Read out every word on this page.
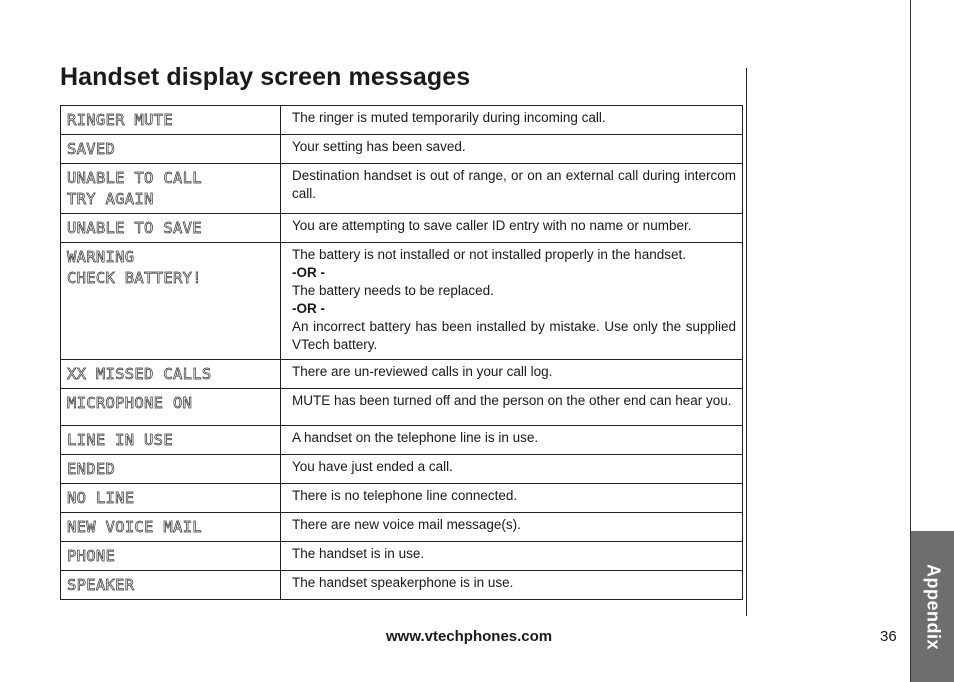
Handset display screen messages
RINGER MUTE	The ringer is muted temporarily during incoming call.

SAVED	Your setting has been saved.

UNABLE TO CALL
TRY AGAIN	Destination handset is out of range, or on an external call during intercom call.

UNABLE TO SAVE	You are attempting to save caller ID entry with no name or number.

WARNING
CHECK BATTERY!	The battery is not installed or not installed properly in the handset.
-OR -
The battery needs to be replaced.
-OR -
An incorrect battery has been installed by mistake. Use only the supplied VTech battery.

XX MISSED CALLS	There are un-reviewed calls in your call log.

MICROPHONE ON	MUTE has been turned off and the person on the other end can hear you.

LINE IN USE	A handset on the telephone line is in use.

ENDED	You have just ended a call.

NO LINE	There is no telephone line connected.

NEW VOICE MAIL	There are new voice mail message(s).

PHONE	The handset is in use.

SPEAKER	The handset speakerphone is in use.

www.vtechphones.com	36 Appendix
